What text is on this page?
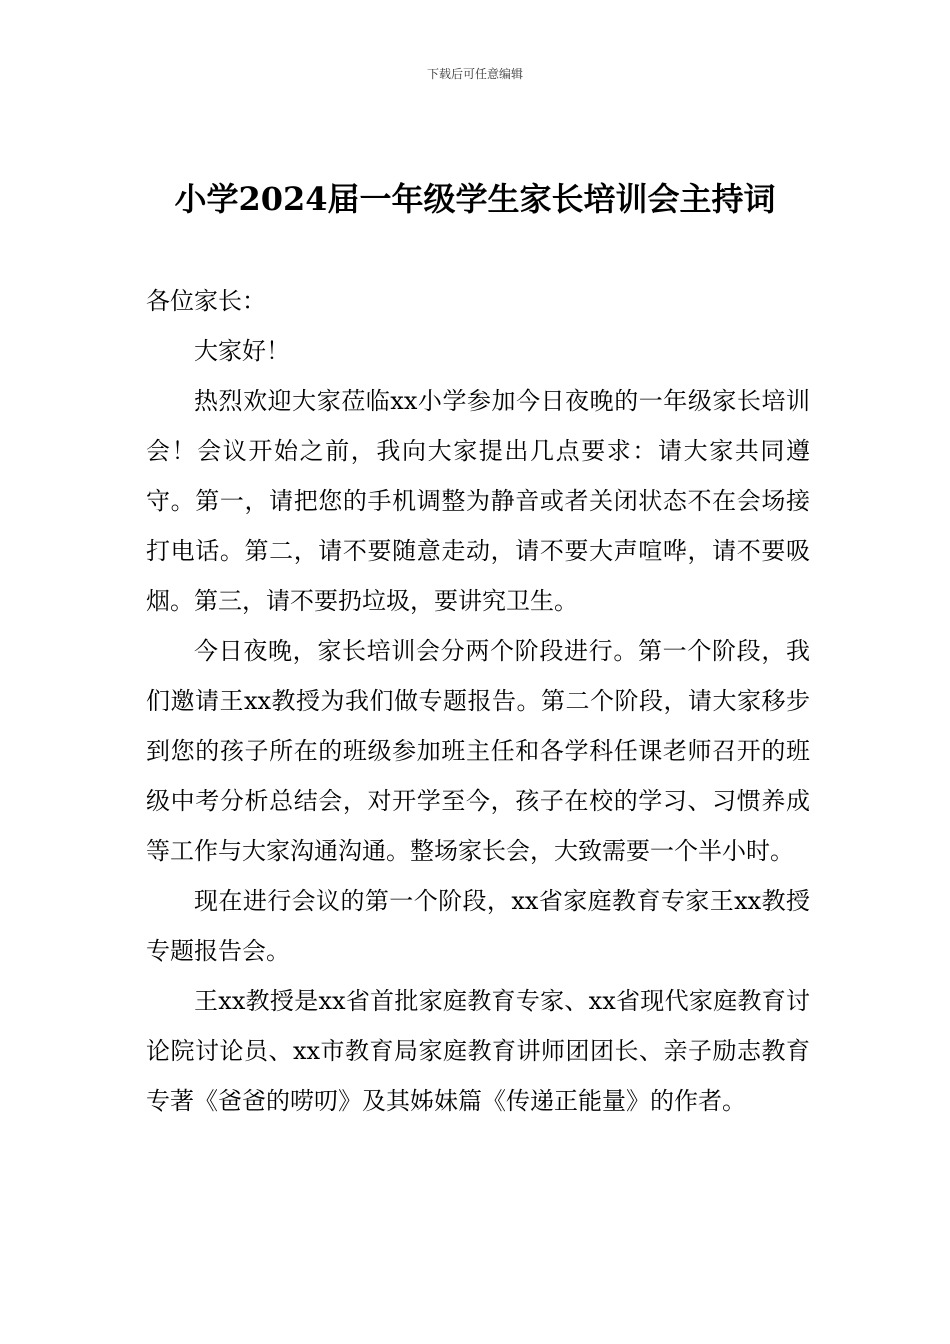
下载后可任意编辑
小学2024届一年级学生家长培训会主持词

各位家长：

大家好！

热烈欢迎大家莅临xx小学参加今日夜晚的一年级家长培训会！会议开始之前，我向大家提出几点要求：请大家共同遵守。第一，请把您的手机调整为静音或者关闭状态不在会场接打电话。第二，请不要随意走动，请不要大声喧哗，请不要吸烟。第三，请不要扔垃圾，要讲究卫生。

今日夜晚，家长培训会分两个阶段进行。第一个阶段，我们邀请王xx教授为我们做专题报告。第二个阶段，请大家移步到您的孩子所在的班级参加班主任和各学科任课老师召开的班级中考分析总结会，对开学至今，孩子在校的学习、习惯养成等工作与大家沟通沟通。整场家长会，大致需要一个半小时。

现在进行会议的第一个阶段，xx省家庭教育专家王xx教授专题报告会。

王xx教授是xx省首批家庭教育专家、xx省现代家庭教育讨论院讨论员、xx市教育局家庭教育讲师团团长、亲子励志教育专著《爸爸的唠叨》及其姊妹篇《传递正能量》的作者。
